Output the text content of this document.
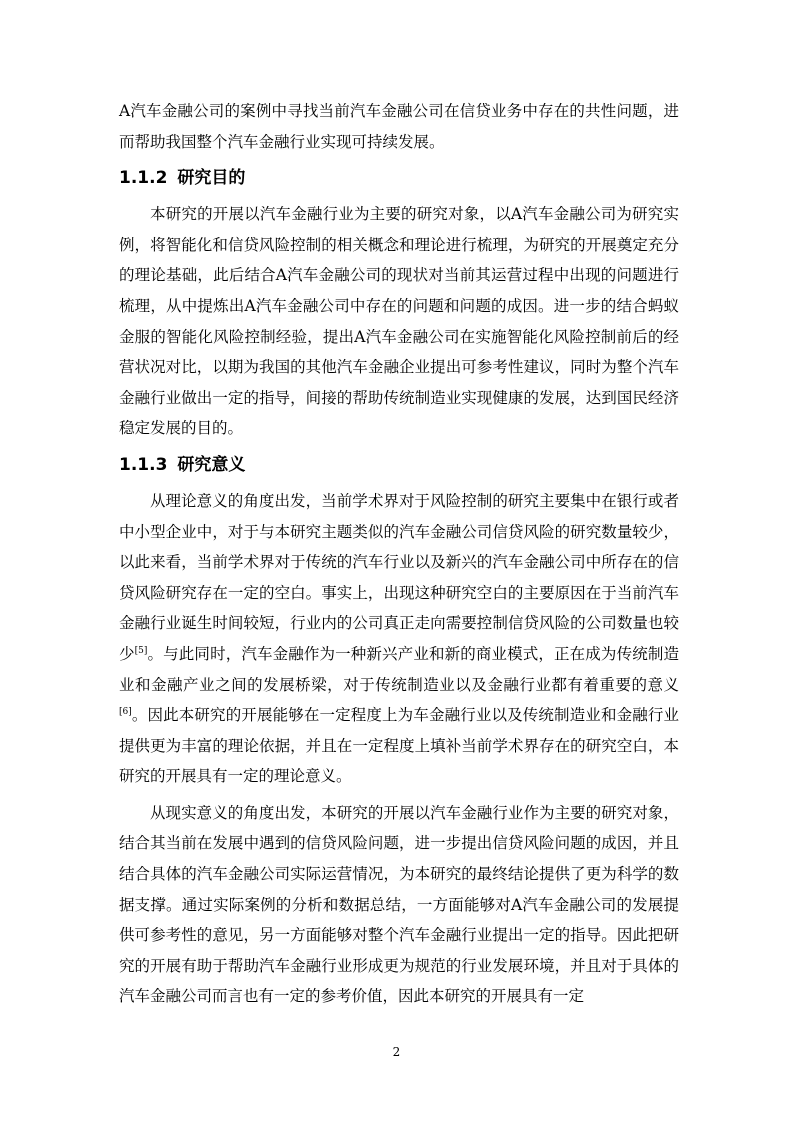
A汽车金融公司的案例中寻找当前汽车金融公司在信贷业务中存在的共性问题，进而帮助我国整个汽车金融行业实现可持续发展。

1.1.2 研究目的

本研究的开展以汽车金融行业为主要的研究对象，以A汽车金融公司为研究实例，将智能化和信贷风险控制的相关概念和理论进行梳理，为研究的开展奠定充分的理论基础，此后结合A汽车金融公司的现状对当前其运营过程中出现的问题进行梳理，从中提炼出A汽车金融公司中存在的问题和问题的成因。进一步的结合蚂蚁金服的智能化风险控制经验，提出A汽车金融公司在实施智能化风险控制前后的经营状况对比，以期为我国的其他汽车金融企业提出可参考性建议，同时为整个汽车金融行业做出一定的指导，间接的帮助传统制造业实现健康的发展，达到国民经济稳定发展的目的。

1.1.3 研究意义

从理论意义的角度出发，当前学术界对于风险控制的研究主要集中在银行或者中小型企业中，对于与本研究主题类似的汽车金融公司信贷风险的研究数量较少，以此来看，当前学术界对于传统的汽车行业以及新兴的汽车金融公司中所存在的信贷风险研究存在一定的空白。事实上，出现这种研究空白的主要原因在于当前汽车金融行业诞生时间较短，行业内的公司真正走向需要控制信贷风险的公司数量也较少[5]。与此同时，汽车金融作为一种新兴产业和新的商业模式，正在成为传统制造业和金融产业之间的发展桥梁，对于传统制造业以及金融行业都有着重要的意义[6]。因此本研究的开展能够在一定程度上为车金融行业以及传统制造业和金融行业提供更为丰富的理论依据，并且在一定程度上填补当前学术界存在的研究空白，本研究的开展具有一定的理论意义。

从现实意义的角度出发，本研究的开展以汽车金融行业作为主要的研究对象，结合其当前在发展中遇到的信贷风险问题，进一步提出信贷风险问题的成因，并且结合具体的汽车金融公司实际运营情况，为本研究的最终结论提供了更为科学的数据支撑。通过实际案例的分析和数据总结，一方面能够对A汽车金融公司的发展提供可参考性的意见，另一方面能够对整个汽车金融行业提出一定的指导。因此把研究的开展有助于帮助汽车金融行业形成更为规范的行业发展环境，并且对于具体的汽车金融公司而言也有一定的参考价值，因此本研究的开展具有一定

2
